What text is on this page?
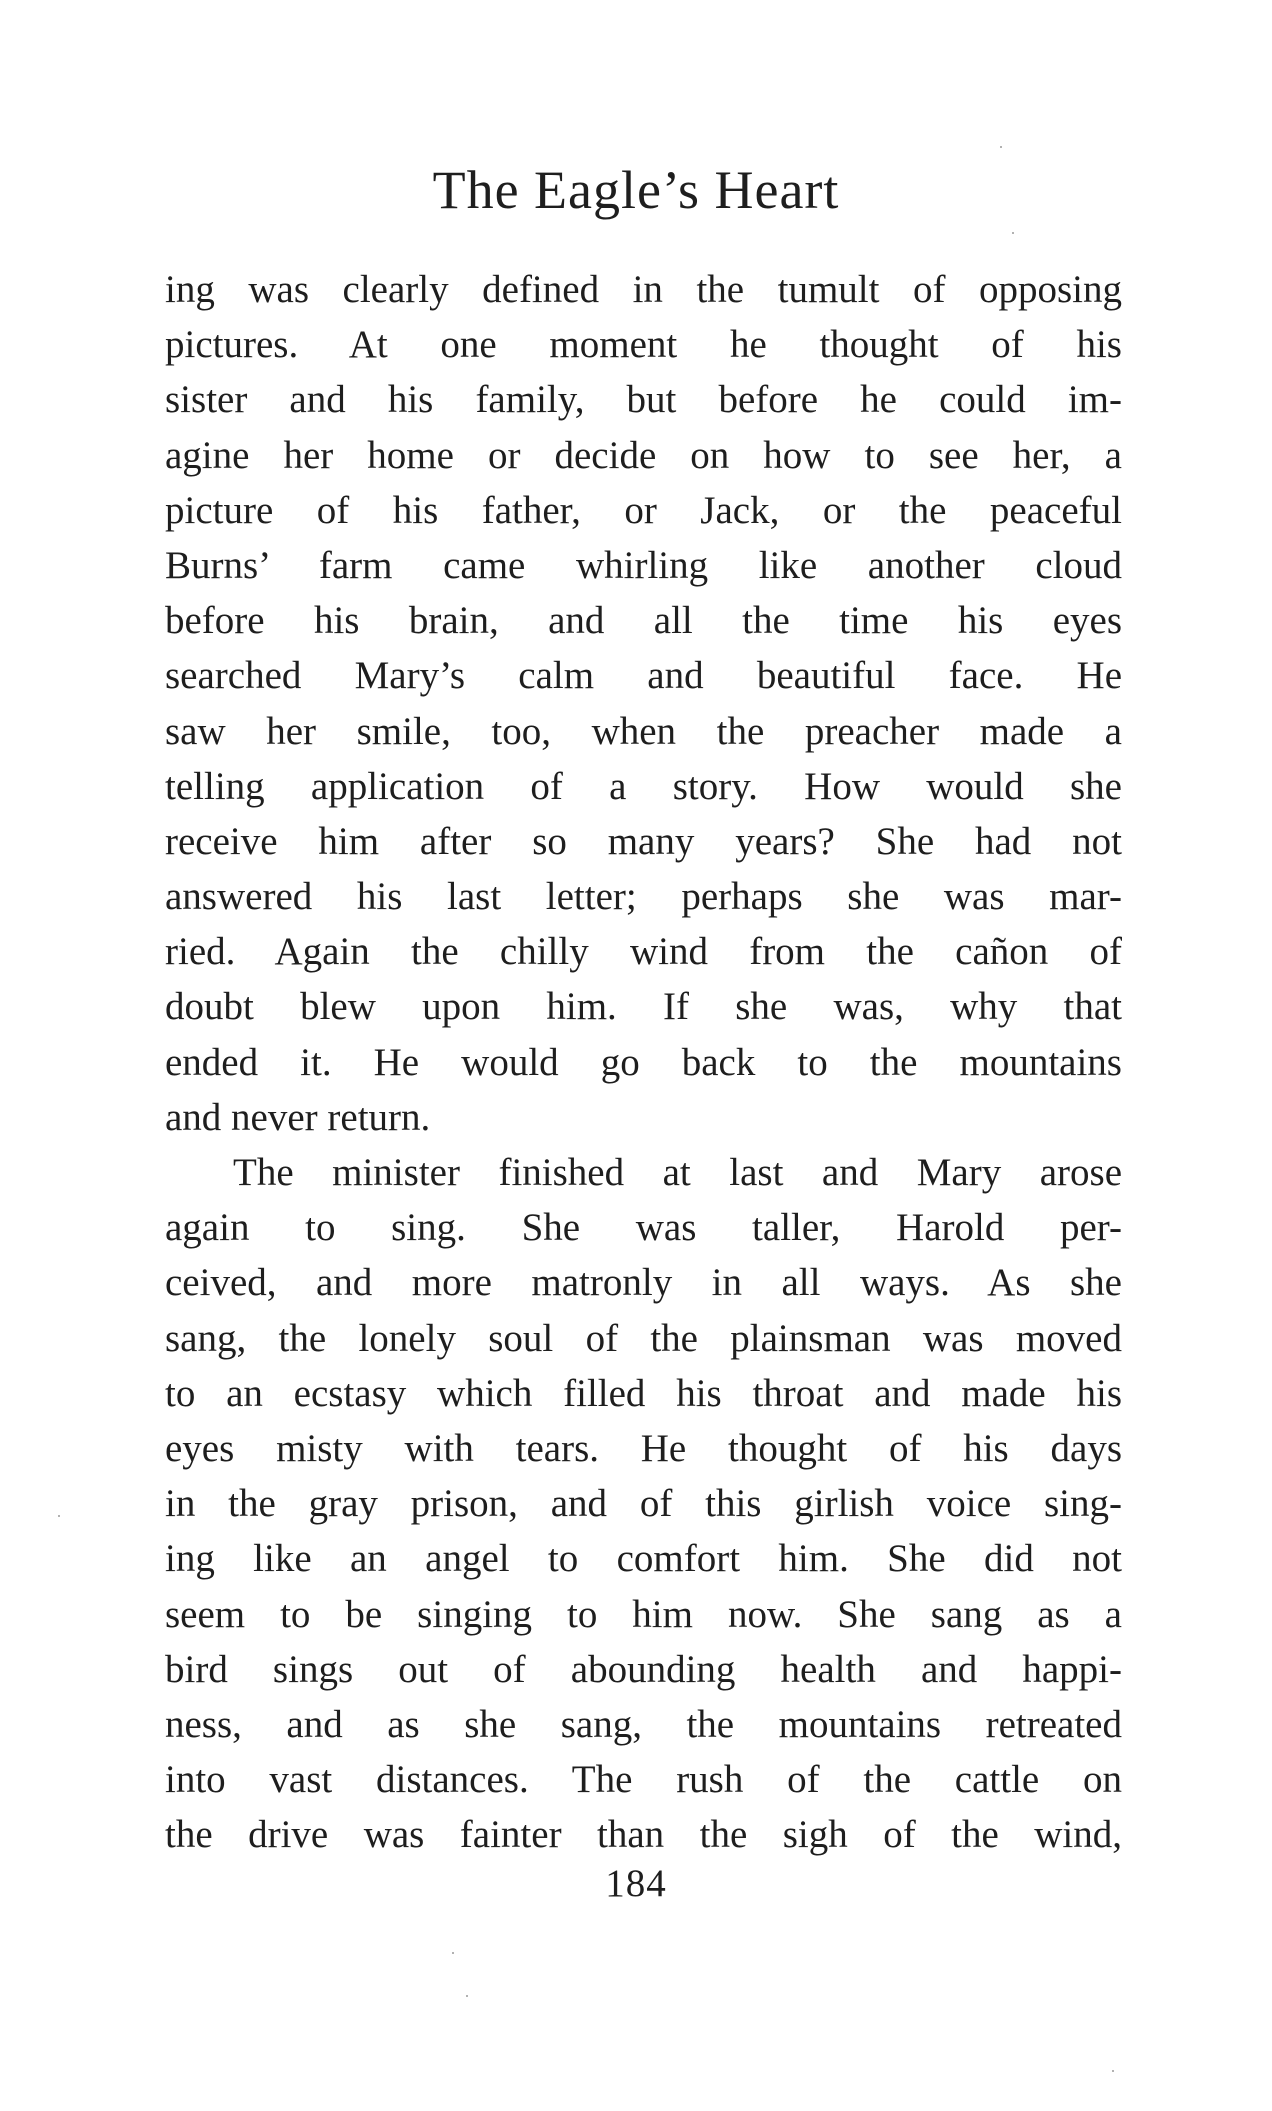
The Eagle’s Heart
ing was clearly defined in the tumult of opposing
pictures. At one moment he thought of his
sister and his family, but before he could im-
agine her home or decide on how to see her, a
picture of his father, or Jack, or the peaceful
Burns’ farm came whirling like another cloud
before his brain, and all the time his eyes
searched Mary’s calm and beautiful face. He
saw her smile, too, when the preacher made a
telling application of a story. How would she
receive him after so many years? She had not
answered his last letter; perhaps she was mar-
ried. Again the chilly wind from the cañon of
doubt blew upon him. If she was, why that
ended it. He would go back to the mountains
and never return.
The minister finished at last and Mary arose
again to sing. She was taller, Harold per-
ceived, and more matronly in all ways. As she
sang, the lonely soul of the plainsman was moved
to an ecstasy which filled his throat and made his
eyes misty with tears. He thought of his days
in the gray prison, and of this girlish voice sing-
ing like an angel to comfort him. She did not
seem to be singing to him now. She sang as a
bird sings out of abounding health and happi-
ness, and as she sang, the mountains retreated
into vast distances. The rush of the cattle on
the drive was fainter than the sigh of the wind,
184
